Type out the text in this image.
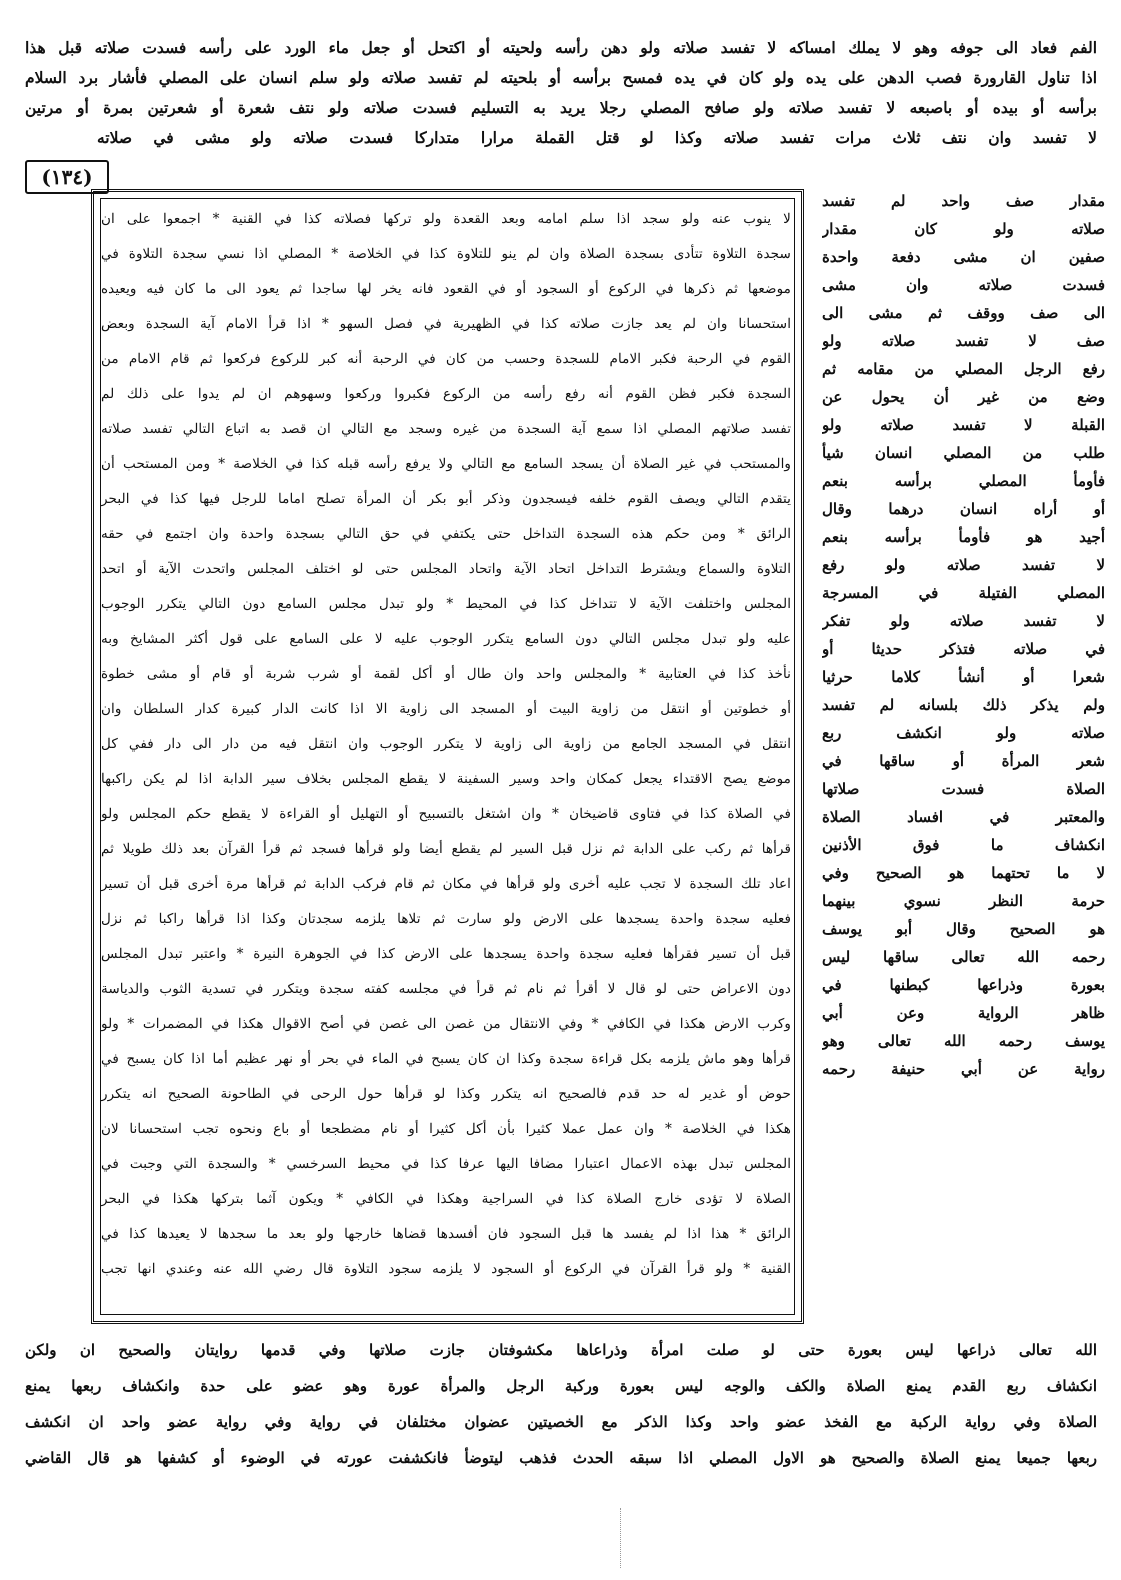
الفم فعاد الى جوفه وهو لا يملك امساكه لا تفسد صلاته ولو دهن رأسه ولحيته أو اكتحل أو جعل ماء الورد على رأسه فسدت صلاته قبل هذا
اذا تناول القارورة فصب الدهن على يده ولو كان في يده فمسح برأسه أو بلحيته لم تفسد صلاته ولو سلم انسان على المصلي فأشار برد السلام
برأسه أو بيده أو باصبعه لا تفسد صلاته ولو صافح المصلي رجلا يريد به التسليم فسدت صلاته ولو نتف شعرة أو شعرتين بمرة أو مرتين
لا تفسد وان نتف ثلاث مرات تفسد صلاته وكذا لو قتل القملة مرارا متداركا فسدت صلاته ولو مشى في صلاته
(١٣٤)
مقدار صف واحد لم تفسد
صلاته ولو كان مقدار
صفين ان مشى دفعة واحدة
فسدت صلاته وان مشى
الى صف ووقف ثم مشى الى
صف لا تفسد صلاته ولو
رفع الرجل المصلي من مقامه ثم
وضع من غير أن يحول عن
القبلة لا تفسد صلاته ولو
طلب من المصلي انسان شيأ
فأومأ المصلي برأسه بنعم
أو أراه انسان درهما وقال
أجيد هو فأومأ برأسه بنعم
لا تفسد صلاته ولو رفع
المصلي الفتيلة في المسرجة
لا تفسد صلاته ولو تفكر
في صلاته فتذكر حديثا أو
شعرا أو أنشأ كلاما حرثيا
ولم يذكر ذلك بلسانه لم تفسد
صلاته ولو انكشف ربع
شعر المرأة أو ساقها في
الصلاة فسدت صلاتها
والمعتبر في افساد الصلاة
انكشاف ما فوق الأذنين
لا ما تحتهما هو الصحيح وفي
حرمة النظر نسوي بينهما
هو الصحيح وقال أبو يوسف
رحمه الله تعالى ساقها ليس
بعورة وذراعها كبطنها في
ظاهر الرواية وعن أبي
يوسف رحمه الله تعالى وهو
رواية عن أبي حنيفة رحمه
لا ينوب عنه ولو سجد اذا سلم امامه وبعد القعدة ولو تركها فصلاته كذا في القنية * اجمعوا على ان
سجدة التلاوة تتأدى بسجدة الصلاة وان لم ينو للتلاوة كذا في الخلاصة * المصلي اذا نسي سجدة التلاوة في
موضعها ثم ذكرها في الركوع أو السجود أو في القعود فانه يخر لها ساجدا ثم يعود الى ما كان فيه ويعيده
استحسانا وان لم يعد جازت صلاته كذا في الظهيرية في فصل السهو * اذا قرأ الامام آية السجدة وبعض
القوم في الرحبة فكبر الامام للسجدة وحسب من كان في الرحبة أنه كبر للركوع فركعوا ثم قام الامام من
السجدة فكبر فظن القوم أنه رفع رأسه من الركوع فكبروا وركعوا وسهوهم ان لم يدوا على ذلك لم
تفسد صلاتهم المصلي اذا سمع آية السجدة من غيره وسجد مع التالي ان قصد به اتباع التالي تفسد صلاته
والمستحب في غير الصلاة أن يسجد السامع مع التالي ولا يرفع رأسه قبله كذا في الخلاصة * ومن المستحب أن
يتقدم التالي ويصف القوم خلفه فيسجدون وذكر أبو بكر أن المرأة تصلح اماما للرجل فيها كذا في البحر
الرائق * ومن حكم هذه السجدة التداخل حتى يكتفي في حق التالي بسجدة واحدة وان اجتمع في حقه
التلاوة والسماع ويشترط التداخل اتحاد الآية واتحاد المجلس حتى لو اختلف المجلس واتحدت الآية أو اتحد
المجلس واختلفت الآية لا تتداخل كذا في المحيط * ولو تبدل مجلس السامع دون التالي يتكرر الوجوب
عليه ولو تبدل مجلس التالي دون السامع يتكرر الوجوب عليه لا على السامع على قول أكثر المشايخ وبه
نأخذ كذا في العتابية * والمجلس واحد وان طال أو أكل لقمة أو شرب شربة أو قام أو مشى خطوة
أو خطوتين أو انتقل من زاوية البيت أو المسجد الى زاوية الا اذا كانت الدار كبيرة كدار السلطان وان
انتقل في المسجد الجامع من زاوية الى زاوية لا يتكرر الوجوب وان انتقل فيه من دار الى دار ففي كل
موضع يصح الاقتداء يجعل كمكان واحد وسير السفينة لا يقطع المجلس بخلاف سير الدابة اذا لم يكن راكبها
في الصلاة كذا في فتاوى قاضيخان * وان اشتغل بالتسبيح أو التهليل أو القراءة لا يقطع حكم المجلس ولو
قرأها ثم ركب على الدابة ثم نزل قبل السير لم يقطع أيضا ولو قرأها فسجد ثم قرأ القرآن بعد ذلك طويلا ثم
اعاد تلك السجدة لا تجب عليه أخرى ولو قرأها في مكان ثم قام فركب الدابة ثم قرأها مرة أخرى قبل أن تسير
فعليه سجدة واحدة يسجدها على الارض ولو سارت ثم تلاها يلزمه سجدتان وكذا اذا قرأها راكبا ثم نزل
قبل أن تسير فقرأها فعليه سجدة واحدة يسجدها على الارض كذا في الجوهرة النيرة * واعتبر تبدل المجلس
دون الاعراض حتى لو قال لا أقرأ ثم نام ثم قرأ في مجلسه كفته سجدة ويتكرر في تسدية الثوب والدياسة
وكرب الارض هكذا في الكافي * وفي الانتقال من غصن الى غصن في أصح الاقوال هكذا في المضمرات * ولو
قرأها وهو ماش يلزمه بكل قراءة سجدة وكذا ان كان يسبح في الماء في بحر أو نهر عظيم أما اذا كان يسبح في
حوض أو غدير له حد قدم فالصحيح انه يتكرر وكذا لو قرأها حول الرحى في الطاحونة الصحيح انه يتكرر
هكذا في الخلاصة * وان عمل عملا كثيرا بأن أكل كثيرا أو نام مضطجعا أو باع ونحوه تجب استحسانا لان
المجلس تبدل بهذه الاعمال اعتبارا مضافا اليها عرفا كذا في محيط السرخسي * والسجدة التي وجبت في
الصلاة لا تؤدى خارج الصلاة كذا في السراجية وهكذا في الكافي * ويكون آثما بتركها هكذا في البحر
الرائق * هذا اذا لم يفسد ها قبل السجود فان أفسدها قضاها خارجها ولو بعد ما سجدها لا يعيدها كذا في
القنية * ولو قرأ القرآن في الركوع أو السجود لا يلزمه سجود التلاوة قال رضي الله عنه وعندي انها تجب
الله تعالى ذراعها ليس بعورة حتى لو صلت امرأة وذراعاها مكشوفتان جازت صلاتها وفي قدمها روايتان والصحيح ان ولكن
انكشاف ربع القدم يمنع الصلاة والكف والوجه ليس بعورة وركبة الرجل والمرأة عورة وهو عضو على حدة وانكشاف ربعها يمنع
الصلاة وفي رواية الركبة مع الفخذ عضو واحد وكذا الذكر مع الخصيتين عضوان مختلفان في رواية وفي رواية عضو واحد ان انكشف
ربعها جميعا يمنع الصلاة والصحيح هو الاول المصلي اذا سبقه الحدث فذهب ليتوضأ فانكشفت عورته في الوضوء أو كشفها هو قال القاضي
